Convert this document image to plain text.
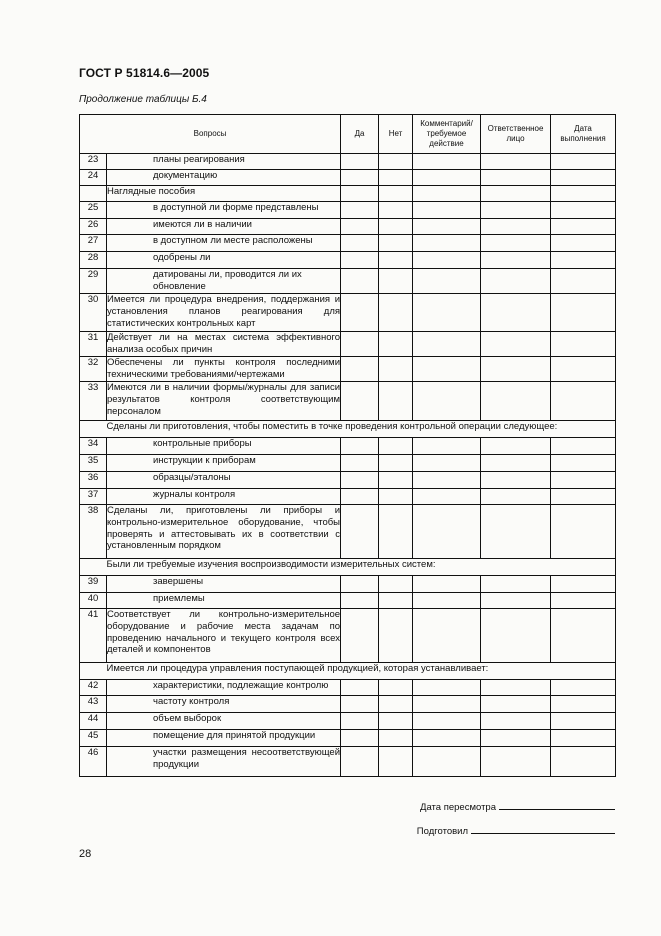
ГОСТ Р 51814.6—2005
Продолжение таблицы Б.4
Вопросы		Да	Нет	Комментарий/ требуемое действие	Ответственное лицо	Дата выполнения
23	планы реагирования					
24	документацию					
	Наглядные пособия					
25	в доступной ли форме представлены					
26	имеются ли в наличии					
27	в доступном ли месте расположены					
28	одобрены ли					
29	датированы ли, проводится ли их обновление					
30	Имеется ли процедура внедрения, поддержания и установления планов реагирования для статистических контрольных карт					
31	Действует ли на местах система эффективного анализа особых причин					
32	Обеспечены ли пункты контроля последними техническими требованиями/чертежами					
33	Имеются ли в наличии формы/журналы для записи результатов контроля соответствующим персоналом					
	Сделаны ли приготовления, чтобы поместить в точке проведения контрольной операции следующее:					
34	контрольные приборы					
35	инструкции к приборам					
36	образцы/эталоны					
37	журналы контроля					
38	Сделаны ли, приготовлены ли приборы и контрольно-измерительное оборудование, чтобы проверять и аттестовывать их в соответствии с установленным порядком					
	Были ли требуемые изучения воспроизводимости измерительных систем:					
39	завершены					
40	приемлемы					
41	Соответствует ли контрольно-измерительное оборудование и рабочие места задачам по проведению начального и текущего контроля всех деталей и компонентов					
	Имеется ли процедура управления поступающей продукцией, которая устанавливает:					
42	характеристики, подлежащие контролю					
43	частоту контроля					
44	объем выборок					
45	помещение для принятой продукции					
46	участки размещения несоответствующей продукции					
Дата пересмотра
Подготовил
28
